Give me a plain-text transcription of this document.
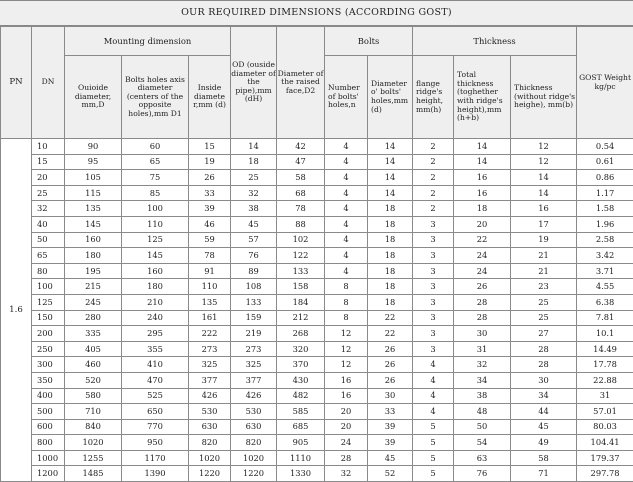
OUR REQUIRED DIMENSIONS (ACCORDING GOST)
PN	DN	Mounting dimension			OD (ouside diameter of the pipe),mm (dH)	Diameter of the raised face,D2	Bolts		Thickness			GOST Weight kg/pc
		Ouioide diameter, mm,D	Bolts holes axis diameter (centers of the opposite holes),mm D1	Inside diamete r,mm (d)			Number of bolts' holes,n	Diameter o' bolts' holes,mm (d)	flange ridge's height, mm(h)	Total thickness (toghether with ridge's height),mm (h+b)	Thickness (without ridge's heighe), mm(b)	
1.6	10	90	60	15	14	42	4	14	2	14	12	0.54
	15	95	65	19	18	47	4	14	2	14	12	0.61
	20	105	75	26	25	58	4	14	2	16	14	0.86
	25	115	85	33	32	68	4	14	2	16	14	1.17
	32	135	100	39	38	78	4	18	2	18	16	1.58
	40	145	110	46	45	88	4	18	3	20	17	1.96
	50	160	125	59	57	102	4	18	3	22	19	2.58
	65	180	145	78	76	122	4	18	3	24	21	3.42
	80	195	160	91	89	133	4	18	3	24	21	3.71
	100	215	180	110	108	158	8	18	3	26	23	4.55
	125	245	210	135	133	184	8	18	3	28	25	6.38
	150	280	240	161	159	212	8	22	3	28	25	7.81
	200	335	295	222	219	268	12	22	3	30	27	10.1
	250	405	355	273	273	320	12	26	3	31	28	14.49
	300	460	410	325	325	370	12	26	4	32	28	17.78
	350	520	470	377	377	430	16	26	4	34	30	22.88
	400	580	525	426	426	482	16	30	4	38	34	31
	500	710	650	530	530	585	20	33	4	48	44	57.01
	600	840	770	630	630	685	20	39	5	50	45	80.03
	800	1020	950	820	820	905	24	39	5	54	49	104.41
	1000	1255	1170	1020	1020	1110	28	45	5	63	58	179.37
	1200	1485	1390	1220	1220	1330	32	52	5	76	71	297.78
